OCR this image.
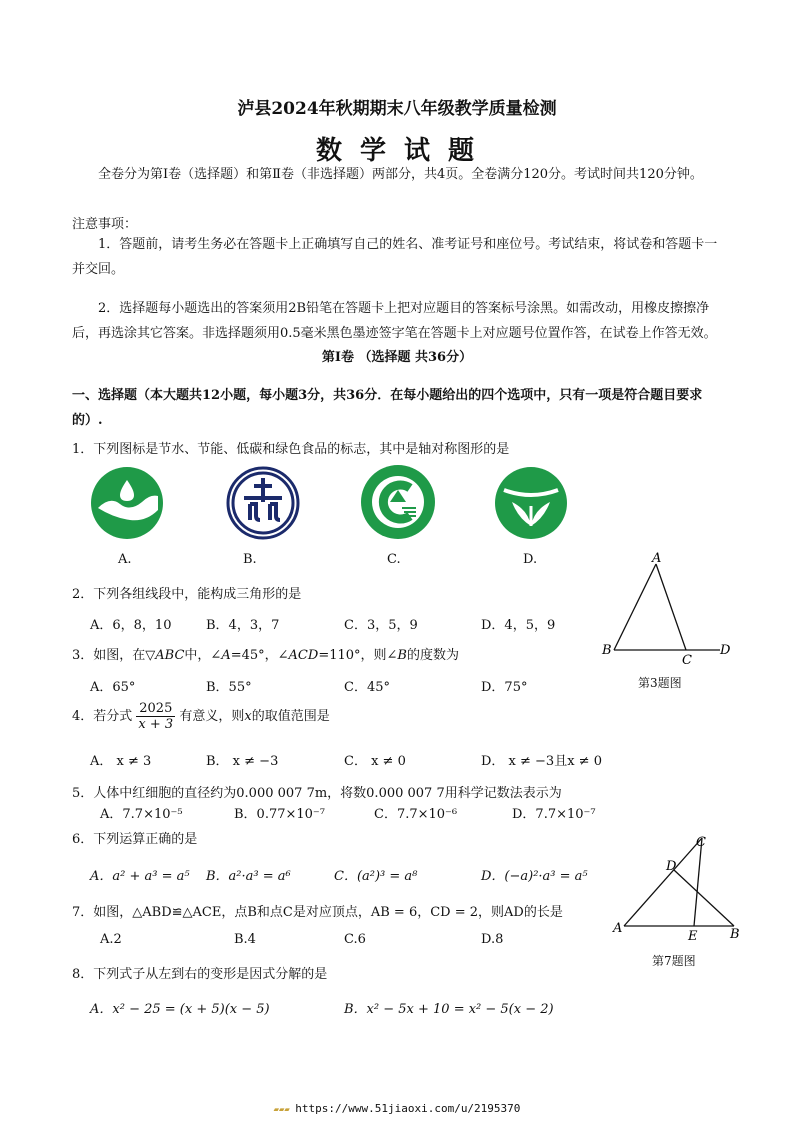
泸县2024年秋期期末八年级教学质量检测
数学试题
全卷分为第Ⅰ卷（选择题）和第Ⅱ卷（非选择题）两部分，共4页。全卷满分120分。考试时间共120分钟。
注意事项：
1．答题前，请考生务必在答题卡上正确填写自己的姓名、准考证号和座位号。考试结束，将试卷和答题卡一并交回。
2．选择题每小题选出的答案须用2B铅笔在答题卡上把对应题目的答案标号涂黑。如需改动，用橡皮擦擦净后，再选涂其它答案。非选择题须用0.5毫米黑色墨迹签字笔在答题卡上对应题号位置作答，在试卷上作答无效。
第Ⅰ卷 （选择题 共36分）
一、选择题（本大题共12小题，每小题3分，共36分．在每小题给出的四个选项中，只有一项是符合题目要求的）.
1．下列图标是节水、节能、低碳和绿色食品的标志，其中是轴对称图形的是
A.	B.	C.	D.
2．下列各组线段中，能构成三角形的是
A．6，8，10	B．4，3，7	C．3，5，9	D．4，5，9
A
B
C
D
第3题图
3．如图，在▽ABC中，∠A=45°，∠ACD=110°，则∠B的度数为
A．65°	B．55°	C．45°	D．75°
4．若分式 $\frac{2025}{x + 3}$ 有意义，则x的取值范围是
A． x ≠ 3	B． x ≠ −3	C． x ≠ 0	D． x ≠ −3且x ≠ 0
5．人体中红细胞的直径约为0.000 007 7m，将数0.000 007 7用科学记数法表示为
A．7.7×10⁻⁵	B．0.77×10⁻⁷	C．7.7×10⁻⁶	D．7.7×10⁻⁷
6．下列运算正确的是
A．a² + a³ = a⁵ B．a²·a³ = a⁶	C．(a²)³ = a⁸	D．(−a)²·a³ = a⁵
A	B
C
D
E
第7题图
7．如图，△ABD≌△ACE，点B和点C是对应顶点，AB = 6，CD = 2，则AD的长是
A.2	B.4	C.6	D.8
8．下列式子从左到右的变形是因式分解的是
A．x² − 25 = (x + 5)(x − 5)	B．x² − 5x + 10 = x² − 5(x − 2)
▰▰▰ https://www.51jiaoxi.com/u/2195370
